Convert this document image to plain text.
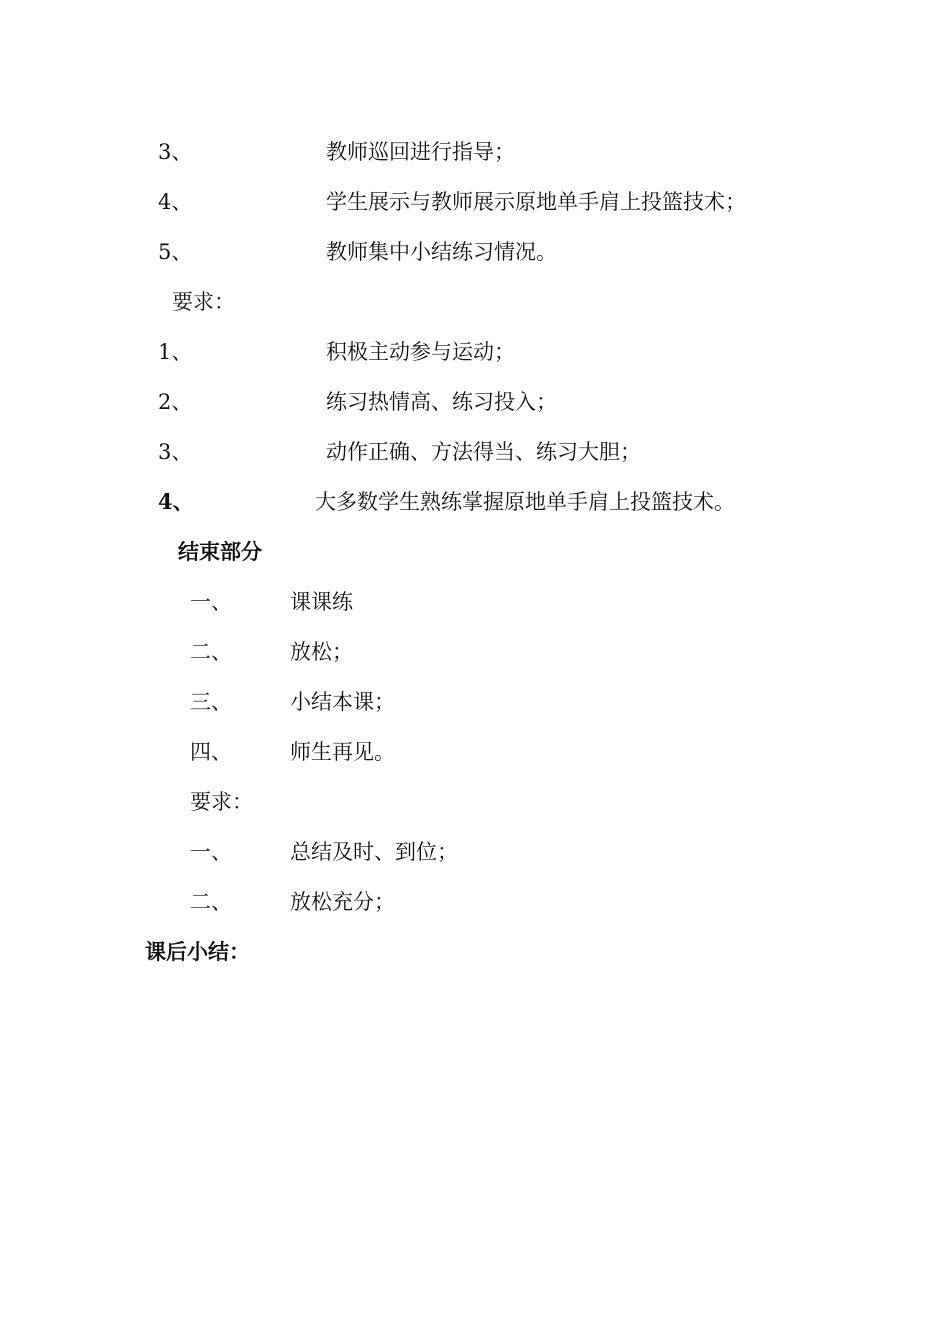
3、	教师巡回进行指导；
4、	学生展示与教师展示原地单手肩上投篮技术；
5、	教师集中小结练习情况。
要求：
1、	积极主动参与运动；
2、	练习热情高、练习投入；
3、	动作正确、方法得当、练习大胆；
4、	大多数学生熟练掌握原地单手肩上投篮技术。
结束部分
一、	课课练
二、	放松；
三、	小结本课；
四、	师生再见。
要求：
一、	总结及时、到位；
二、	放松充分；
课后小结：
